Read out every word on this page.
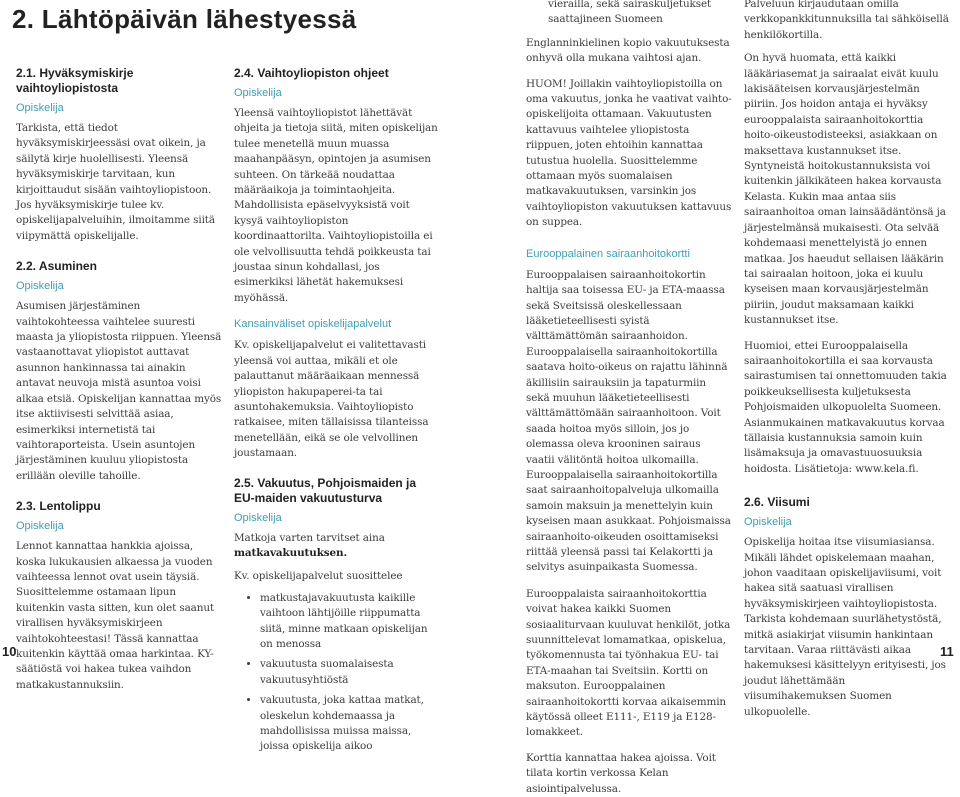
2. Lähtöpäivän lähestyessä
2.1. Hyväksymiskirje vaihtoyliopistosta

Opiskelija

Tarkista, että tiedot hyväksymiskirjeessäsi ovat oikein, ja säilytä kirje huolellisesti. Yleensä hyväksymiskirje tarvitaan, kun kirjoittaudut sisään vaihtoyliopistoon. Jos hyväksymiskirje tulee kv. opiskelijapalveluihin, ilmoitamme siitä viipymättä opiskelijalle.

2.2. Asuminen

Opiskelija

Asumisen järjestäminen vaihtokohteessa vaihtelee suuresti maasta ja yliopistosta riippuen. Yleensä vastaanottavat yliopistot auttavat asunnon hankinnassa tai ainakin antavat neuvoja mistä asuntoa voisi alkaa etsiä. Opiskelijan kannattaa myös itse aktiivisesti selvittää asiaa, esimerkiksi internetistä tai vaihtoraporteista. Usein asuntojen järjestäminen kuuluu yliopistosta erillään oleville tahoille.

2.3. Lentolippu

Opiskelija

Lennot kannattaa hankkia ajoissa, koska lukukausien alkaessa ja vuoden vaihteessa lennot ovat usein täysiä. Suosittelemme ostamaan lipun kuitenkin vasta sitten, kun olet saanut virallisen hyväksymiskirjeen vaihtokohteestasi! Tässä kannattaa kuitenkin käyttää omaa harkintaa. KY- säätiöstä voi hakea tukea vaihdon matkakustannuksiin.

2.4. Vaihtoyliopiston ohjeet

Opiskelija

Yleensä vaihtoyliopistot lähettävät ohjeita ja tietoja siitä, miten opiskelijan tulee menetellä muun muassa maahanpääsyn, opintojen ja asumisen suhteen. On tärkeää noudattaa määräaikoja ja toimintaohjeita. Mahdollisista epäselvyyksistä voit kysyä vaihtoyliopiston koordinaattorilta. Vaihtoyliopistoilla ei ole velvollisuutta tehdä poikkeusta tai joustaa sinun kohdallasi, jos esimerkiksi lähetät hakemuksesi myöhässä.

Kansainväliset opiskelijapalvelut

Kv. opiskelijapalvelut ei valitettavasti yleensä voi auttaa, mikäli et ole palauttanut määräaikaan mennessä yliopiston hakupaperei-ta tai asuntohakemuksia. Vaihtoyliopisto ratkaisee, miten tällaisissa tilanteissa menetellään, eikä se ole velvollinen joustamaan.

2.5. Vakuutus, Pohjoismaiden ja EU-maiden vakuutusturva

Opiskelija

Matkoja varten tarvitset aina matkavakuutuksen.

Kv. opiskelijapalvelut suosittelee

• matkustajavakuutusta kaikille vaihtoon lähtijöille riippumatta siitä, minne matkaan opiskelijan on menossa
• vakuutusta suomalaisesta vakuutusyhtiöstä
• vakuutusta, joka kattaa matkat, oleskelun kohdemaassa ja mahdollisissa muissa maissa, joissa opiskelija aikoo

vierailla, sekä sairaskuljetukset saattajineen Suomeen

Englanninkielinen kopio vakuutuksesta onhyvä olla mukana vaihtosi ajan.

HUOM! Joillakin vaihtoyliopistoilla on oma vakuutus, jonka he vaativat vaihto-opiskelijoita ottamaan. Vakuutusten kattavuus vaihtelee yliopistosta riippuen, joten ehtoihin kannattaa tutustua huolella. Suosittelemme ottamaan myös suomalaisen matkavakuutuksen, varsinkin jos vaihtoyliopiston vakuutuksen kattavuus on suppea.

Eurooppalainen sairaanhoitokortti

Eurooppalaisen sairaanhoitokortin haltija saa toisessa EU- ja ETA-maassa sekä Sveitsissä oleskellessaan lääketieteellisesti syistä välttämättömän sairaanhoidon. Eurooppalaisella sairaanhoitokortilla saatava hoito-oikeus on rajattu lähinnä äkillisiin sairauksiin ja tapaturmiin sekä muuhun lääketieteellisesti välttämättömään sairaanhoitoon. Voit saada hoitoa myös silloin, jos jo olemassa oleva krooninen sairaus vaatii välitöntä hoitoa ulkomailla. Eurooppalaisella sairaanhoitokortilla saat sairaanhoitopalveluja ulkomailla samoin maksuin ja menettelyin kuin kyseisen maan asukkaat. Pohjoismaissa sairaanhoito-oikeuden osoittamiseksi riittää yleensä passi tai Kelakortti ja selvitys asuinpaikasta Suomessa.

Eurooppalaista sairaanhoitokorttia voivat hakea kaikki Suomen sosiaaliturvaan kuuluvat henkilöt, jotka suunnittelevat lomamatkaa, opiskelua, työkomennusta tai työnhakua EU- tai ETA-maahan tai Sveitsiin. Kortti on maksuton. Eurooppalainen sairaanhoitokortti korvaa aikaisemmin käytössä olleet E111-, E119 ja E128-lomakkeet.

Korttia kannattaa hakea ajoissa. Voit tilata kortin verkossa Kelan asiointipalvelussa.

Palveluun kirjaudutaan omilla verkkopankkitunnuksilla tai sähköisellä henkilökortilla.

On hyvä huomata, että kaikki lääkäriasemat ja sairaalat eivät kuulu lakisääteisen korvausjärjestelmän piiriin. Jos hoidon antaja ei hyväksy eurooppalaista sairaanhoitokorttia hoito-oikeustodisteeksi, asiakkaan on maksettava kustannukset itse. Syntyneistä hoitokustannuksista voi kuitenkin jälkikäteen hakea korvausta Kelasta. Kukin maa antaa siis sairaanhoitoa oman lainsäädäntönsä ja järjestelmänsä mukaisesti. Ota selvää kohdemaasi menettelyistä jo ennen matkaa. Jos haeudut sellaisen lääkärin tai sairaalan hoitoon, joka ei kuulu kyseisen maan korvausjärjestelmän piiriin, joudut maksamaan kaikki kustannukset itse.

Huomioi, ettei Eurooppalaisella sairaanhoitokortilla ei saa korvausta sairastumisen tai onnettomuuden takia poikkeuksellisesta kuljetuksesta Pohjoismaiden ulkopuolelta Suomeen. Asianmukainen matkavakuutus korvaa tällaisia kustannuksia samoin kuin lisämaksuja ja omavastuuosuuksia hoidosta. Lisätietoja: www.kela.fi.

2.6. Viisumi

Opiskelija

Opiskelija hoitaa itse viisumiasiansa. Mikäli lähdet opiskelemaan maahan, johon vaaditaan opiskelijaviisumi, voit hakea sitä saatuasi virallisen hyväksymiskirjeen vaihtoyliopistosta. Tarkista kohdemaan suurlähetystöstä, mitkä asiakirjat viisumin hankintaan tarvitaan. Varaa riittävästi aikaa hakemuksesi käsittelyyn erityisesti, jos joudut lähettämään viisumihakemuksen Suomen ulkopuolelle.

10	11
